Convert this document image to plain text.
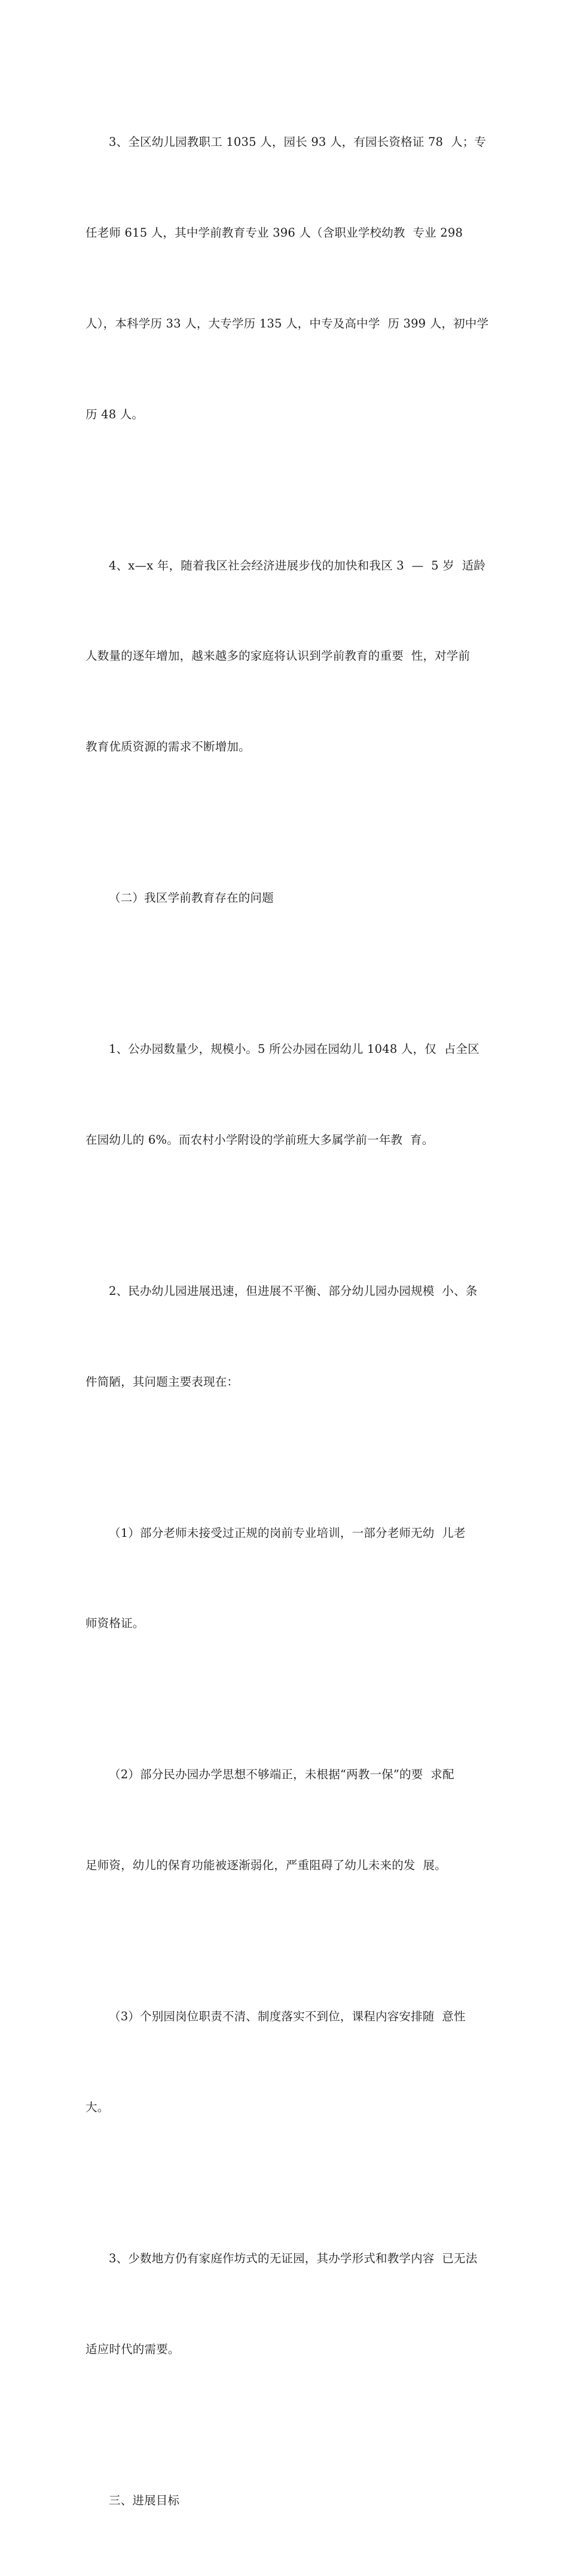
3、全区幼儿园教职工 1035 人，园长 93 人，有园长资格证 78  人；专

任老师 615 人，其中学前教育专业 396 人（含职业学校幼教  专业 298

人），本科学历 33 人，大专学历 135 人，中专及高中学  历 399 人，初中学

历 48 人。

4、x—x 年，随着我区社会经济进展步伐的加快和我区 3  —  5 岁  适龄

人数量的逐年增加，越来越多的家庭将认识到学前教育的重要  性，对学前

教育优质资源的需求不断增加。

（二）我区学前教育存在的问题

1、公办园数量少，规模小。5 所公办园在园幼儿 1048 人，仅  占全区

在园幼儿的 6%。而农村小学附设的学前班大多属学前一年教  育。

2、民办幼儿园进展迅速，但进展不平衡、部分幼儿园办园规模  小、条

件简陋，其问题主要表现在：

（1）部分老师未接受过正规的岗前专业培训，一部分老师无幼  儿老

师资格证。

（2）部分民办园办学思想不够端正，未根据“两教一保”的要  求配

足师资，幼儿的保育功能被逐渐弱化，严重阻碍了幼儿未来的发  展。

（3）个别园岗位职责不清、制度落实不到位，课程内容安排随  意性

大。

3、少数地方仍有家庭作坊式的无证园，其办学形式和教学内容  已无法

适应时代的需要。

三、进展目标
